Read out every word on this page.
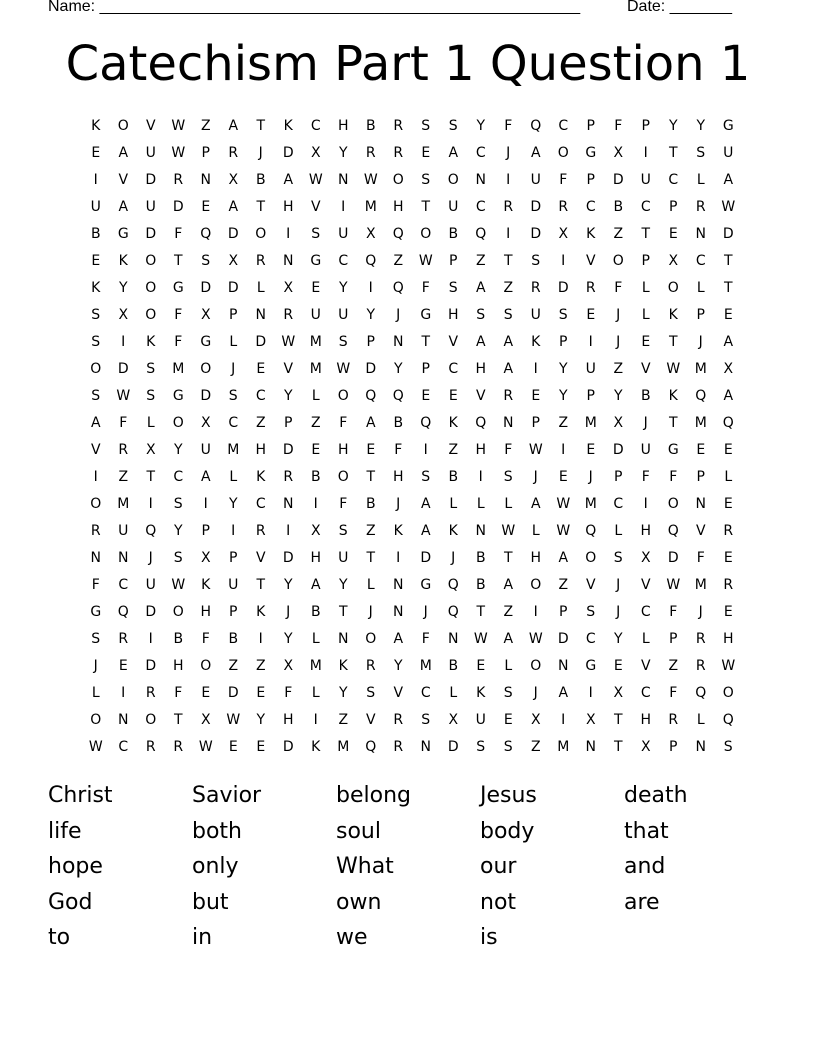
Name: ______________________________________________________	Date: _______
Catechism Part 1 Question 1
K	O	V	W	Z	A	T	K	C	H	B	R	S	S	Y	F	Q	C	P	F	P	Y	Y	G
E	A	U	W	P	R	J	D	X	Y	R	R	E	A	C	J	A	O	G	X	I	T	S	U
I	V	D	R	N	X	B	A	W	N	W	O	S	O	N	I	U	F	P	D	U	C	L	A
U	A	U	D	E	A	T	H	V	I	M	H	T	U	C	R	D	R	C	B	C	P	R	W
B	G	D	F	Q	D	O	I	S	U	X	Q	O	B	Q	I	D	X	K	Z	T	E	N	D
E	K	O	T	S	X	R	N	G	C	Q	Z	W	P	Z	T	S	I	V	O	P	X	C	T
K	Y	O	G	D	D	L	X	E	Y	I	Q	F	S	A	Z	R	D	R	F	L	O	L	T
S	X	O	F	X	P	N	R	U	U	Y	J	G	H	S	S	U	S	E	J	L	K	P	E
S	I	K	F	G	L	D	W	M	S	P	N	T	V	A	A	K	P	I	J	E	T	J	A
O	D	S	M	O	J	E	V	M	W	D	Y	P	C	H	A	I	Y	U	Z	V	W	M	X
S	W	S	G	D	S	C	Y	L	O	Q	Q	E	E	V	R	E	Y	P	Y	B	K	Q	A
A	F	L	O	X	C	Z	P	Z	F	A	B	Q	K	Q	N	P	Z	M	X	J	T	M	Q
V	R	X	Y	U	M	H	D	E	H	E	F	I	Z	H	F	W	I	E	D	U	G	E	E
I	Z	T	C	A	L	K	R	B	O	T	H	S	B	I	S	J	E	J	P	F	F	P	L
O	M	I	S	I	Y	C	N	I	F	B	J	A	L	L	L	A	W	M	C	I	O	N	E
R	U	Q	Y	P	I	R	I	X	S	Z	K	A	K	N	W	L	W	Q	L	H	Q	V	R
N	N	J	S	X	P	V	D	H	U	T	I	D	J	B	T	H	A	O	S	X	D	F	E
F	C	U	W	K	U	T	Y	A	Y	L	N	G	Q	B	A	O	Z	V	J	V	W	M	R
G	Q	D	O	H	P	K	J	B	T	J	N	J	Q	T	Z	I	P	S	J	C	F	J	E
S	R	I	B	F	B	I	Y	L	N	O	A	F	N	W	A	W	D	C	Y	L	P	R	H
J	E	D	H	O	Z	Z	X	M	K	R	Y	M	B	E	L	O	N	G	E	V	Z	R	W
L	I	R	F	E	D	E	F	L	Y	S	V	C	L	K	S	J	A	I	X	C	F	Q	O
O	N	O	T	X	W	Y	H	I	Z	V	R	S	X	U	E	X	I	X	T	H	R	L	Q
W	C	R	R	W	E	E	D	K	M	Q	R	N	D	S	S	Z	M	N	T	X	P	N	S
Christ	Savior	belong	Jesus	death
life	both	soul	body	that
hope	only	What	our	and
God	but	own	not	are
to	in	we	is
